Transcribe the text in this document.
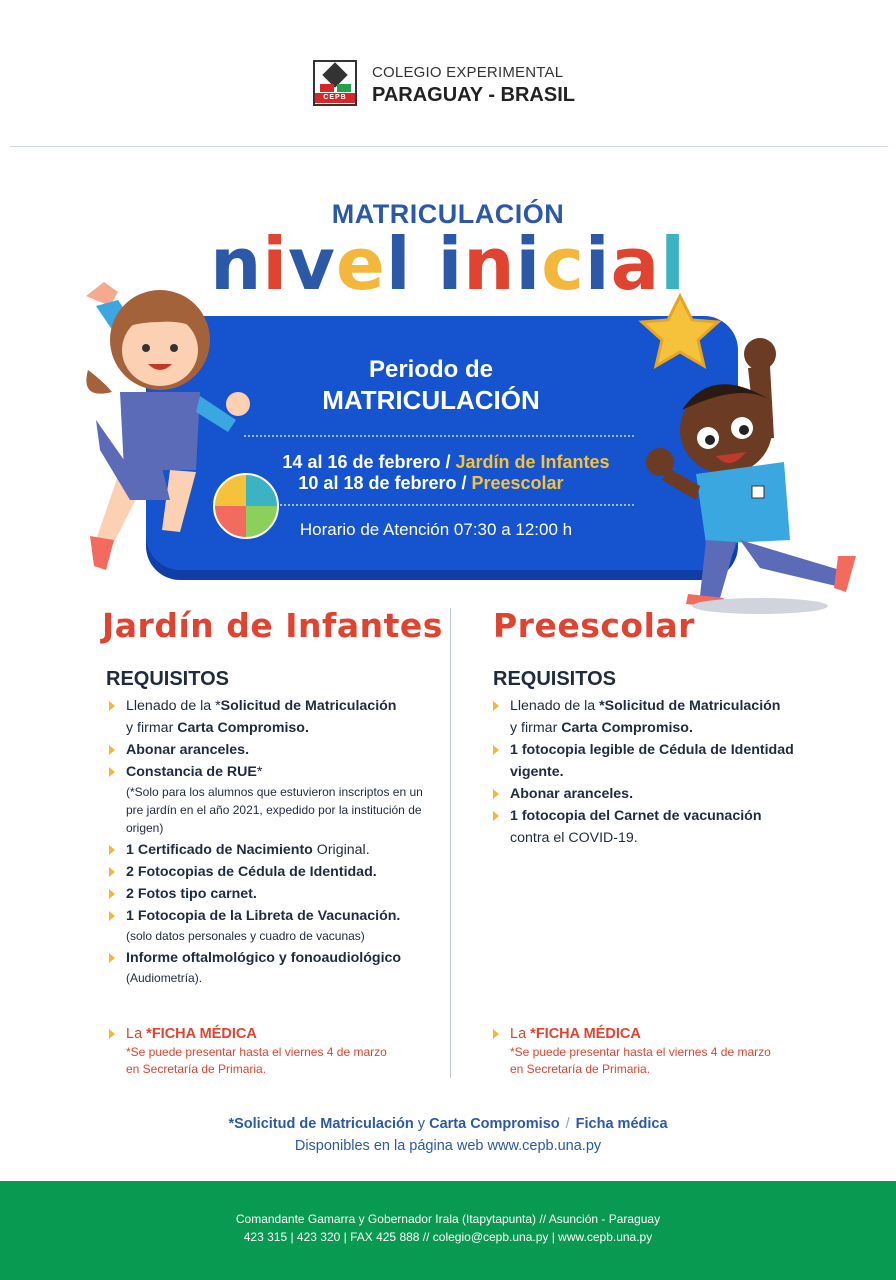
CEPB
COLEGIO EXPERIMENTAL
PARAGUAY - BRASIL
MATRICULACIÓN
nivel inicial
Periodo de
MATRICULACIÓN
14 al 16 de febrero / Jardín de Infantes
10 al 18 de febrero / Preescolar
Horario de Atención 07:30 a 12:00 h
Jardín de Infantes
REQUISITOS
Llenado de la *Solicitud de Matriculación
y firmar Carta Compromiso.
Abonar aranceles.
Constancia de RUE*
(*Solo para los alumnos que estuvieron inscriptos en un pre jardín en el año 2021, expedido por la institución de origen)
1 Certificado de Nacimiento Original.
2 Fotocopias de Cédula de Identidad.
2 Fotos tipo carnet.
1 Fotocopia de la Libreta de Vacunación.
(solo datos personales y cuadro de vacunas)
Informe oftalmológico y fonoaudiológico
(Audiometría).
La *FICHA MÉDICA
*Se puede presentar hasta el viernes 4 de marzo
en Secretaría de Primaria.
Preescolar
REQUISITOS
Llenado de la *Solicitud de Matriculación
y firmar Carta Compromiso.
1 fotocopia legible de Cédula de Identidad vigente.
Abonar aranceles.
1 fotocopia del Carnet de vacunación
contra el COVID-19.
La *FICHA MÉDICA
*Se puede presentar hasta el viernes 4 de marzo
en Secretaría de Primaria.
*Solicitud de Matriculación y Carta Compromiso / Ficha médica
Disponibles en la página web www.cepb.una.py
Comandante Gamarra y Gobernador Irala (Itapytapunta) // Asunción - Paraguay
423 315 | 423 320 | FAX 425 888 // colegio@cepb.una.py | www.cepb.una.py
